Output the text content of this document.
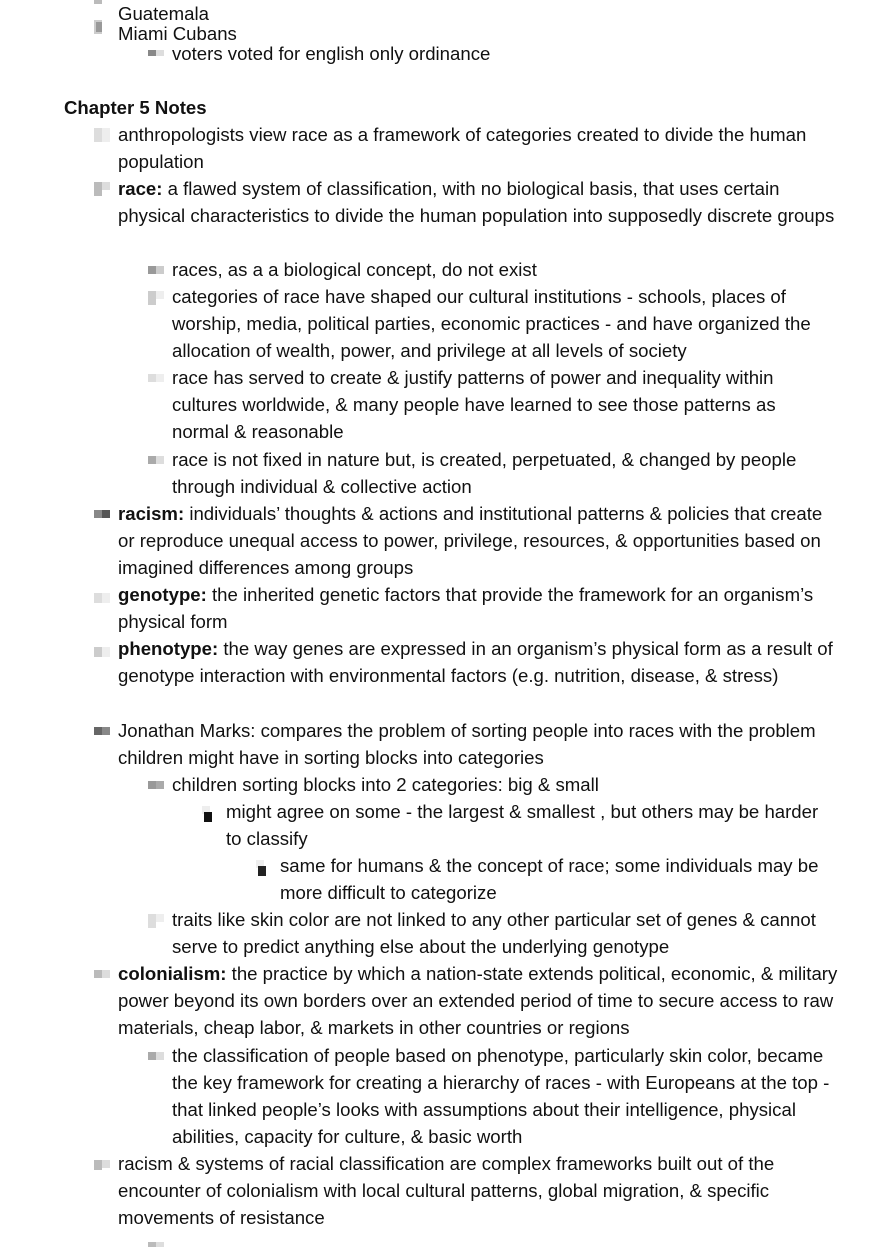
Guatemala
Miami Cubans
voters voted for english only ordinance
Chapter 5 Notes
anthropologists view race as a framework of categories created to divide the human population
race: a flawed system of classification, with no biological basis, that uses certain physical characteristics to divide the human population into supposedly discrete groups
races, as a a biological concept, do not exist
categories of race have shaped our cultural institutions - schools, places of worship, media, political parties, economic practices - and have organized the allocation of wealth, power, and privilege at all levels of society
race has served to create & justify patterns of power and inequality within cultures worldwide, & many people have learned to see those patterns as normal & reasonable
race is not fixed in nature but, is created, perpetuated, & changed by people through individual & collective action
racism: individuals’ thoughts & actions and institutional patterns & policies that create or reproduce unequal access to power, privilege, resources, & opportunities based on imagined differences among groups
genotype: the inherited genetic factors that provide the framework for an organism’s physical form
phenotype: the way genes are expressed in an organism’s physical form as a result of genotype interaction with environmental factors (e.g. nutrition, disease, & stress)
Jonathan Marks: compares the problem of sorting people into races with the problem children might have in sorting blocks into categories
children sorting blocks into 2 categories: big & small
might agree on some - the largest & smallest , but others may be harder to classify
same for humans & the concept of race; some individuals may be more difficult to categorize
traits like skin color are not linked to any other particular set of genes & cannot serve to predict anything else about the underlying genotype
colonialism: the practice by which a nation-state extends political, economic, & military power beyond its own borders over an extended period of time to secure access to raw materials, cheap labor, & markets in other countries or regions
the classification of people based on phenotype, particularly skin color, became the key framework for creating a hierarchy of races - with Europeans at the top - that linked people’s looks with assumptions about their intelligence, physical abilities, capacity for culture, & basic worth
racism & systems of racial classification are complex frameworks built out of the encounter of colonialism with local cultural patterns, global migration, & specific movements of resistance
